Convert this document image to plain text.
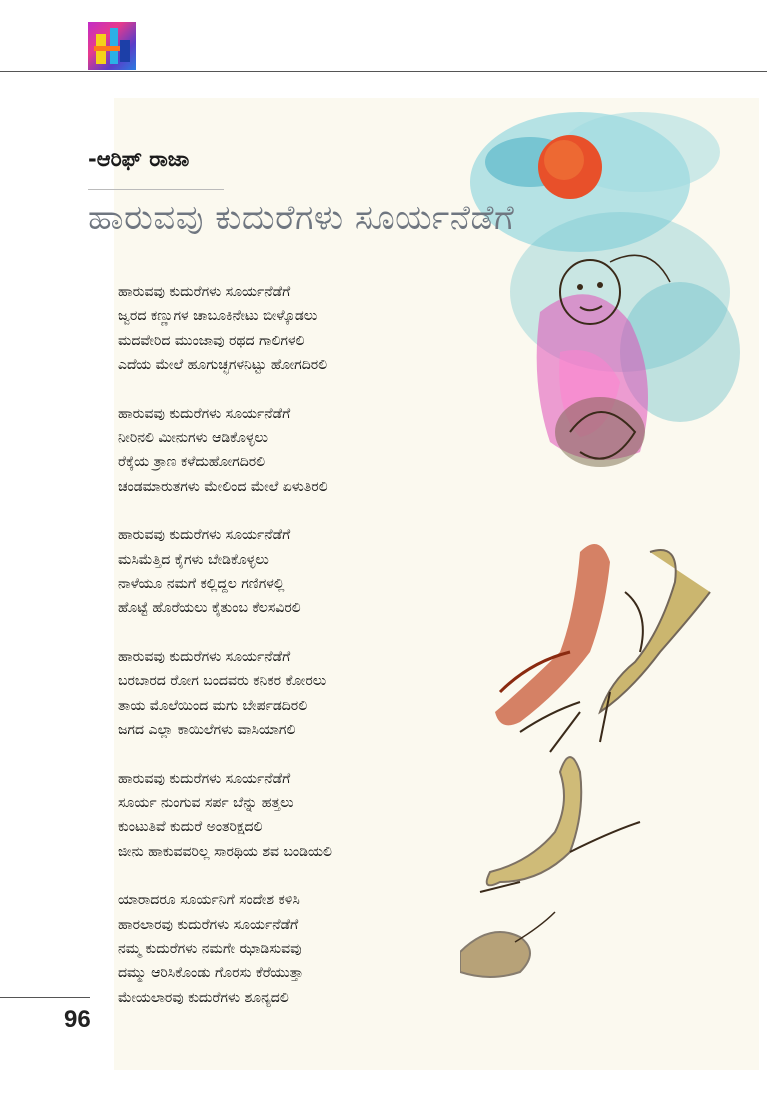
-ಆರಿಫ್ ರಾಜಾ
ಹಾರುವವು ಕುದುರೆಗಳು ಸೂರ್ಯನೆಡೆಗೆ
ಹಾರುವವು ಕುದುರೆಗಳು ಸೂರ್ಯನೆಡೆಗೆ
ಜ್ವರದ ಕಣ್ಣುಗಳ ಚಾಬೂಕಿನೇಟು ಬೀಳ್ಕೊಡಲು
ಮದವೇರಿದ ಮುಂಜಾವು ರಥದ ಗಾಲಿಗಳಲಿ
ಎದೆಯ ಮೇಲೆ ಹೂಗುಚ್ಛಗಳನಿಟ್ಟು ಹೋಗದಿರಲಿ
ಹಾರುವವು ಕುದುರೆಗಳು ಸೂರ್ಯನೆಡೆಗೆ
ನೀರಿನಲಿ ಮೀನುಗಳು ಆಡಿಕೊಳ್ಳಲು
ರೆಕ್ಕೆಯ ತ್ರಾಣ ಕಳೆದುಹೋಗದಿರಲಿ
ಚಂಡಮಾರುತಗಳು ಮೇಲಿಂದ ಮೇಲೆ ಏಳುತಿರಲಿ
ಹಾರುವವು ಕುದುರೆಗಳು ಸೂರ್ಯನೆಡೆಗೆ
ಮಸಿಮೆತ್ತಿದ ಕೈಗಳು ಬೇಡಿಕೊಳ್ಳಲು
ನಾಳೆಯೂ ನಮಗೆ ಕಲ್ಲಿದ್ದಲ ಗಣಿಗಳಲ್ಲಿ
ಹೊಟ್ಟೆ ಹೊರೆಯಲು ಕೈತುಂಬ ಕೆಲಸವಿರಲಿ
ಹಾರುವವು ಕುದುರೆಗಳು ಸೂರ್ಯನೆಡೆಗೆ
ಬರಬಾರದ ರೋಗ ಬಂದವರು ಕನಿಕರ ಕೋರಲು
ತಾಯ ಮೊಲೆಯಿಂದ ಮಗು ಬೇರ್ಪಡದಿರಲಿ
ಜಗದ ಎಲ್ಲಾ ಕಾಯಿಲೆಗಳು ವಾಸಿಯಾಗಲಿ
ಹಾರುವವು ಕುದುರೆಗಳು ಸೂರ್ಯನೆಡೆಗೆ
ಸೂರ್ಯ ನುಂಗುವ ಸರ್ಪ ಬೆನ್ನು ಹತ್ತಲು
ಕುಂಟುತಿವೆ ಕುದುರೆ ಅಂತರಿಕ್ಷದಲಿ
ಜೀನು ಹಾಕುವವರಿಲ್ಲ ಸಾರಥಿಯ ಶವ ಬಂಡಿಯಲಿ
ಯಾರಾದರೂ ಸೂರ್ಯನಿಗೆ ಸಂದೇಶ ಕಳಿಸಿ
ಹಾರಲಾರವು ಕುದುರೆಗಳು ಸೂರ್ಯನೆಡೆಗೆ
ನಮ್ಮ ಕುದುರೆಗಳು ನಮಗೇ ಝಾಡಿಸುವವು
ದಮ್ಮು ಆರಿಸಿಕೊಂಡು ಗೊರಸು ಕೆರೆಯುತ್ತಾ
ಮೇಯಲಾರವು ಕುದುರೆಗಳು ಶೂನ್ಯದಲಿ
96
